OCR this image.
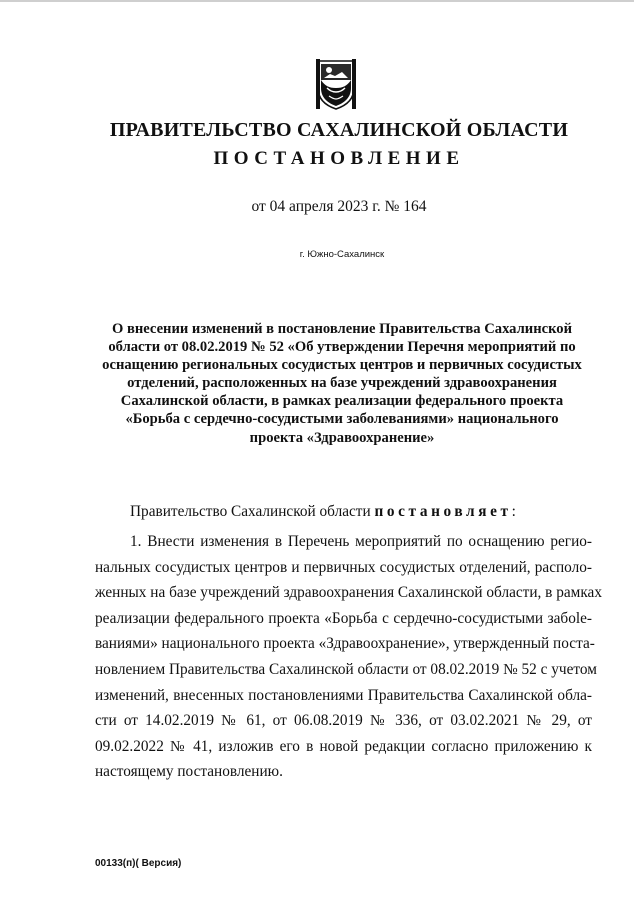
ПРАВИТЕЛЬСТВО САХАЛИНСКОЙ ОБЛАСТИ
ПОСТАНОВЛЕНИЕ

от 04 апреля 2023 г. № 164

г. Южно-Сахалинск

О внесении изменений в постановление Правительства Сахалинской
области от 08.02.2019 № 52 «Об утверждении Перечня мероприятий по
оснащению региональных сосудистых центров и первичных сосудистых
отделений, расположенных на базе учреждений здравоохранения
Сахалинской области, в рамках реализации федерального проекта
«Борьба с сердечно-сосудистыми заболеваниями» национального
проекта «Здравоохранение»

Правительство Сахалинской области постановляет:

1. Внести изменения в Перечень мероприятий по оснащению регио-
нальных сосудистых центров и первичных сосудистых отделений, располо-
женных на базе учреждений здравоохранения Сахалинской области, в рамках
реализации федерального проекта «Борьба с сердечно-сосудистыми забole-
ваниями» национального проекта «Здравоохранение», утвержденный поста-
новлением Правительства Сахалинской области от 08.02.2019 № 52 с учетом
изменений, внесенных постановлениями Правительства Сахалинской обла-
сти от 14.02.2019 № 61, от 06.08.2019 № 336, от 03.02.2021 № 29, от
09.02.2022 № 41, изложив его в новой редакции согласно приложению к
настоящему постановлению.

00133(п)( Версия)
